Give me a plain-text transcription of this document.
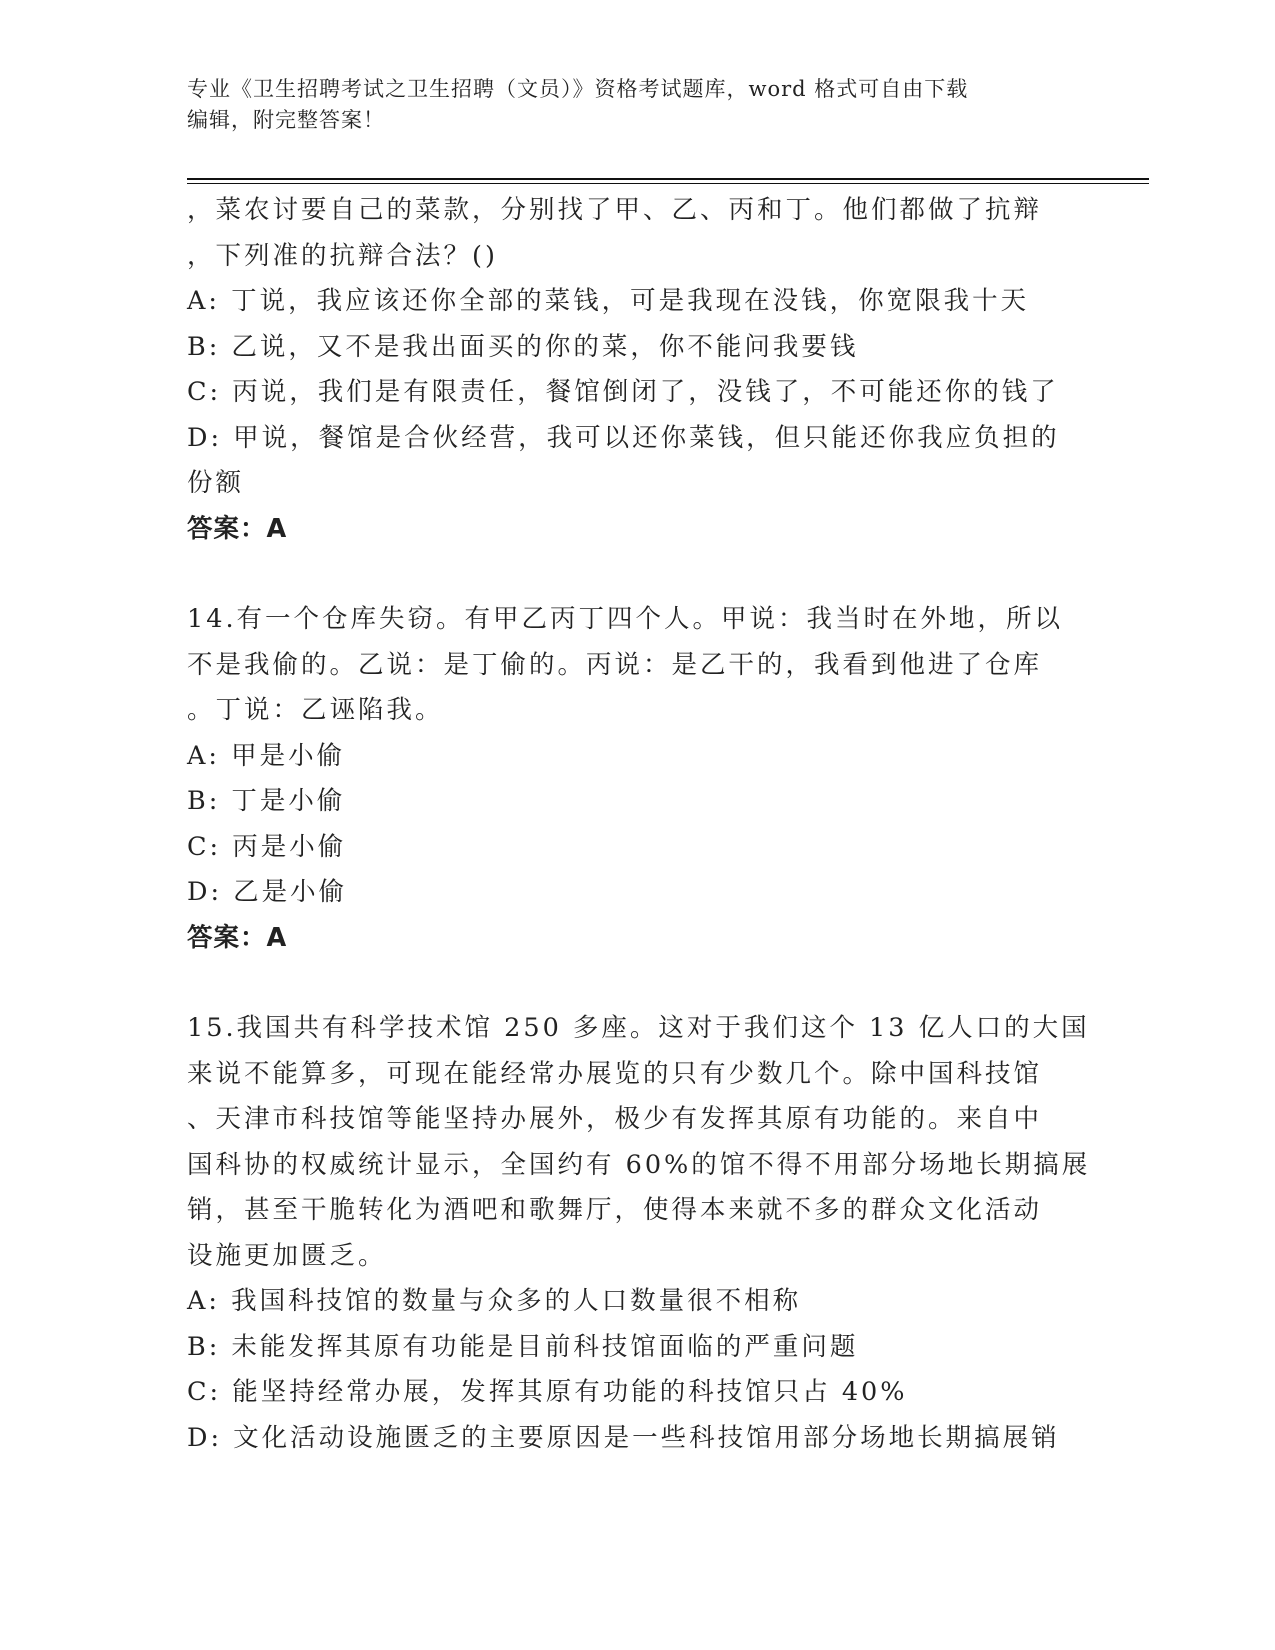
专业《卫生招聘考试之卫生招聘（文员）》资格考试题库，word 格式可自由下载
编辑，附完整答案！
，菜农讨要自己的菜款，分别找了甲、乙、丙和丁。他们都做了抗辩
，下列准的抗辩合法？()
A: 丁说，我应该还你全部的菜钱，可是我现在没钱，你宽限我十天
B: 乙说，又不是我出面买的你的菜，你不能问我要钱
C: 丙说，我们是有限责任，餐馆倒闭了，没钱了，不可能还你的钱了
D: 甲说，餐馆是合伙经营，我可以还你菜钱，但只能还你我应负担的
份额
答案：A
14.有一个仓库失窃。有甲乙丙丁四个人。甲说：我当时在外地，所以
不是我偷的。乙说：是丁偷的。丙说：是乙干的，我看到他进了仓库
。丁说：乙诬陷我。
A: 甲是小偷
B: 丁是小偷
C: 丙是小偷
D: 乙是小偷
答案：A
15.我国共有科学技术馆 250 多座。这对于我们这个 13 亿人口的大国
来说不能算多，可现在能经常办展览的只有少数几个。除中国科技馆
、天津市科技馆等能坚持办展外，极少有发挥其原有功能的。来自中
国科协的权威统计显示，全国约有 60%的馆不得不用部分场地长期搞展
销，甚至干脆转化为酒吧和歌舞厅，使得本来就不多的群众文化活动
设施更加匮乏。
A: 我国科技馆的数量与众多的人口数量很不相称
B: 未能发挥其原有功能是目前科技馆面临的严重问题
C: 能坚持经常办展，发挥其原有功能的科技馆只占 40%
D: 文化活动设施匮乏的主要原因是一些科技馆用部分场地长期搞展销
